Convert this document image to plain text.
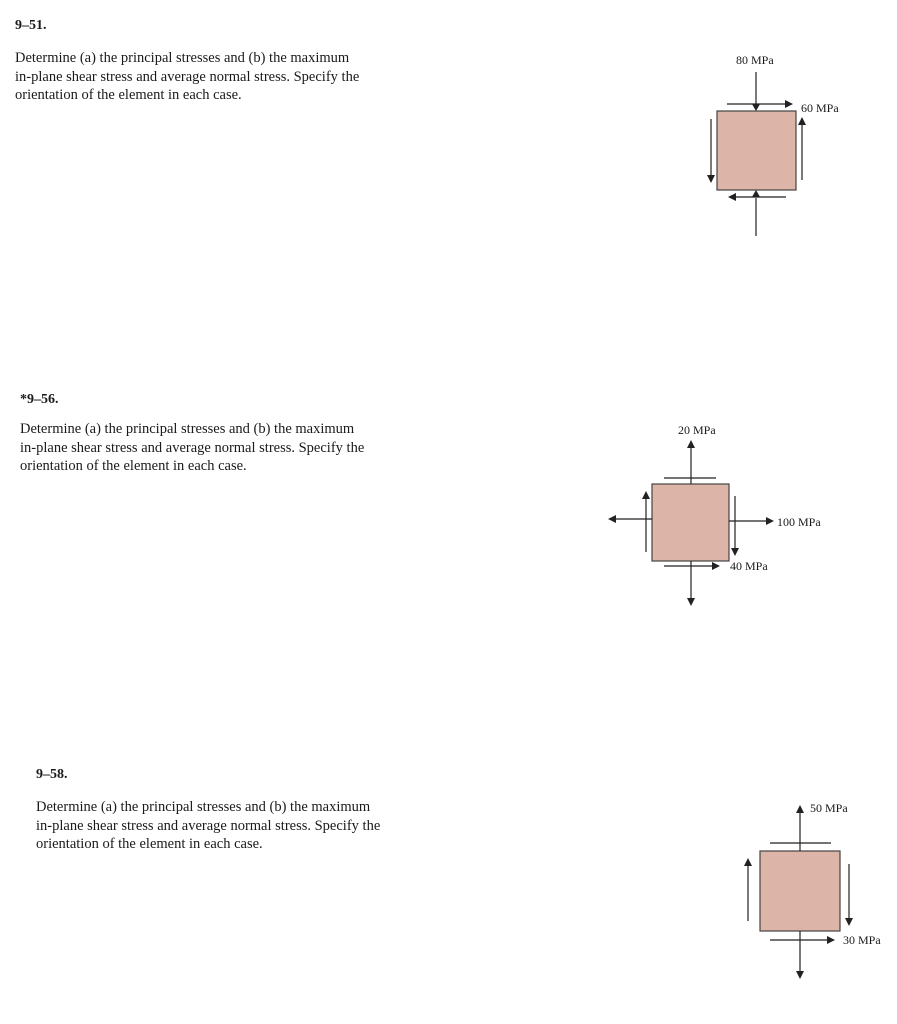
9–51.

Determine (a) the principal stresses and (b) the maximum
in-plane shear stress and average normal stress. Specify the
orientation of the element in each case.

80 MPa
60 MPa
20 MPa
100 MPa
40 MPa
50 MPa
30 MPa
*9–56.

Determine (a) the principal stresses and (b) the maximum
in-plane shear stress and average normal stress. Specify the
orientation of the element in each case.

9–58.

Determine (a) the principal stresses and (b) the maximum
in-plane shear stress and average normal stress. Specify the
orientation of the element in each case.
